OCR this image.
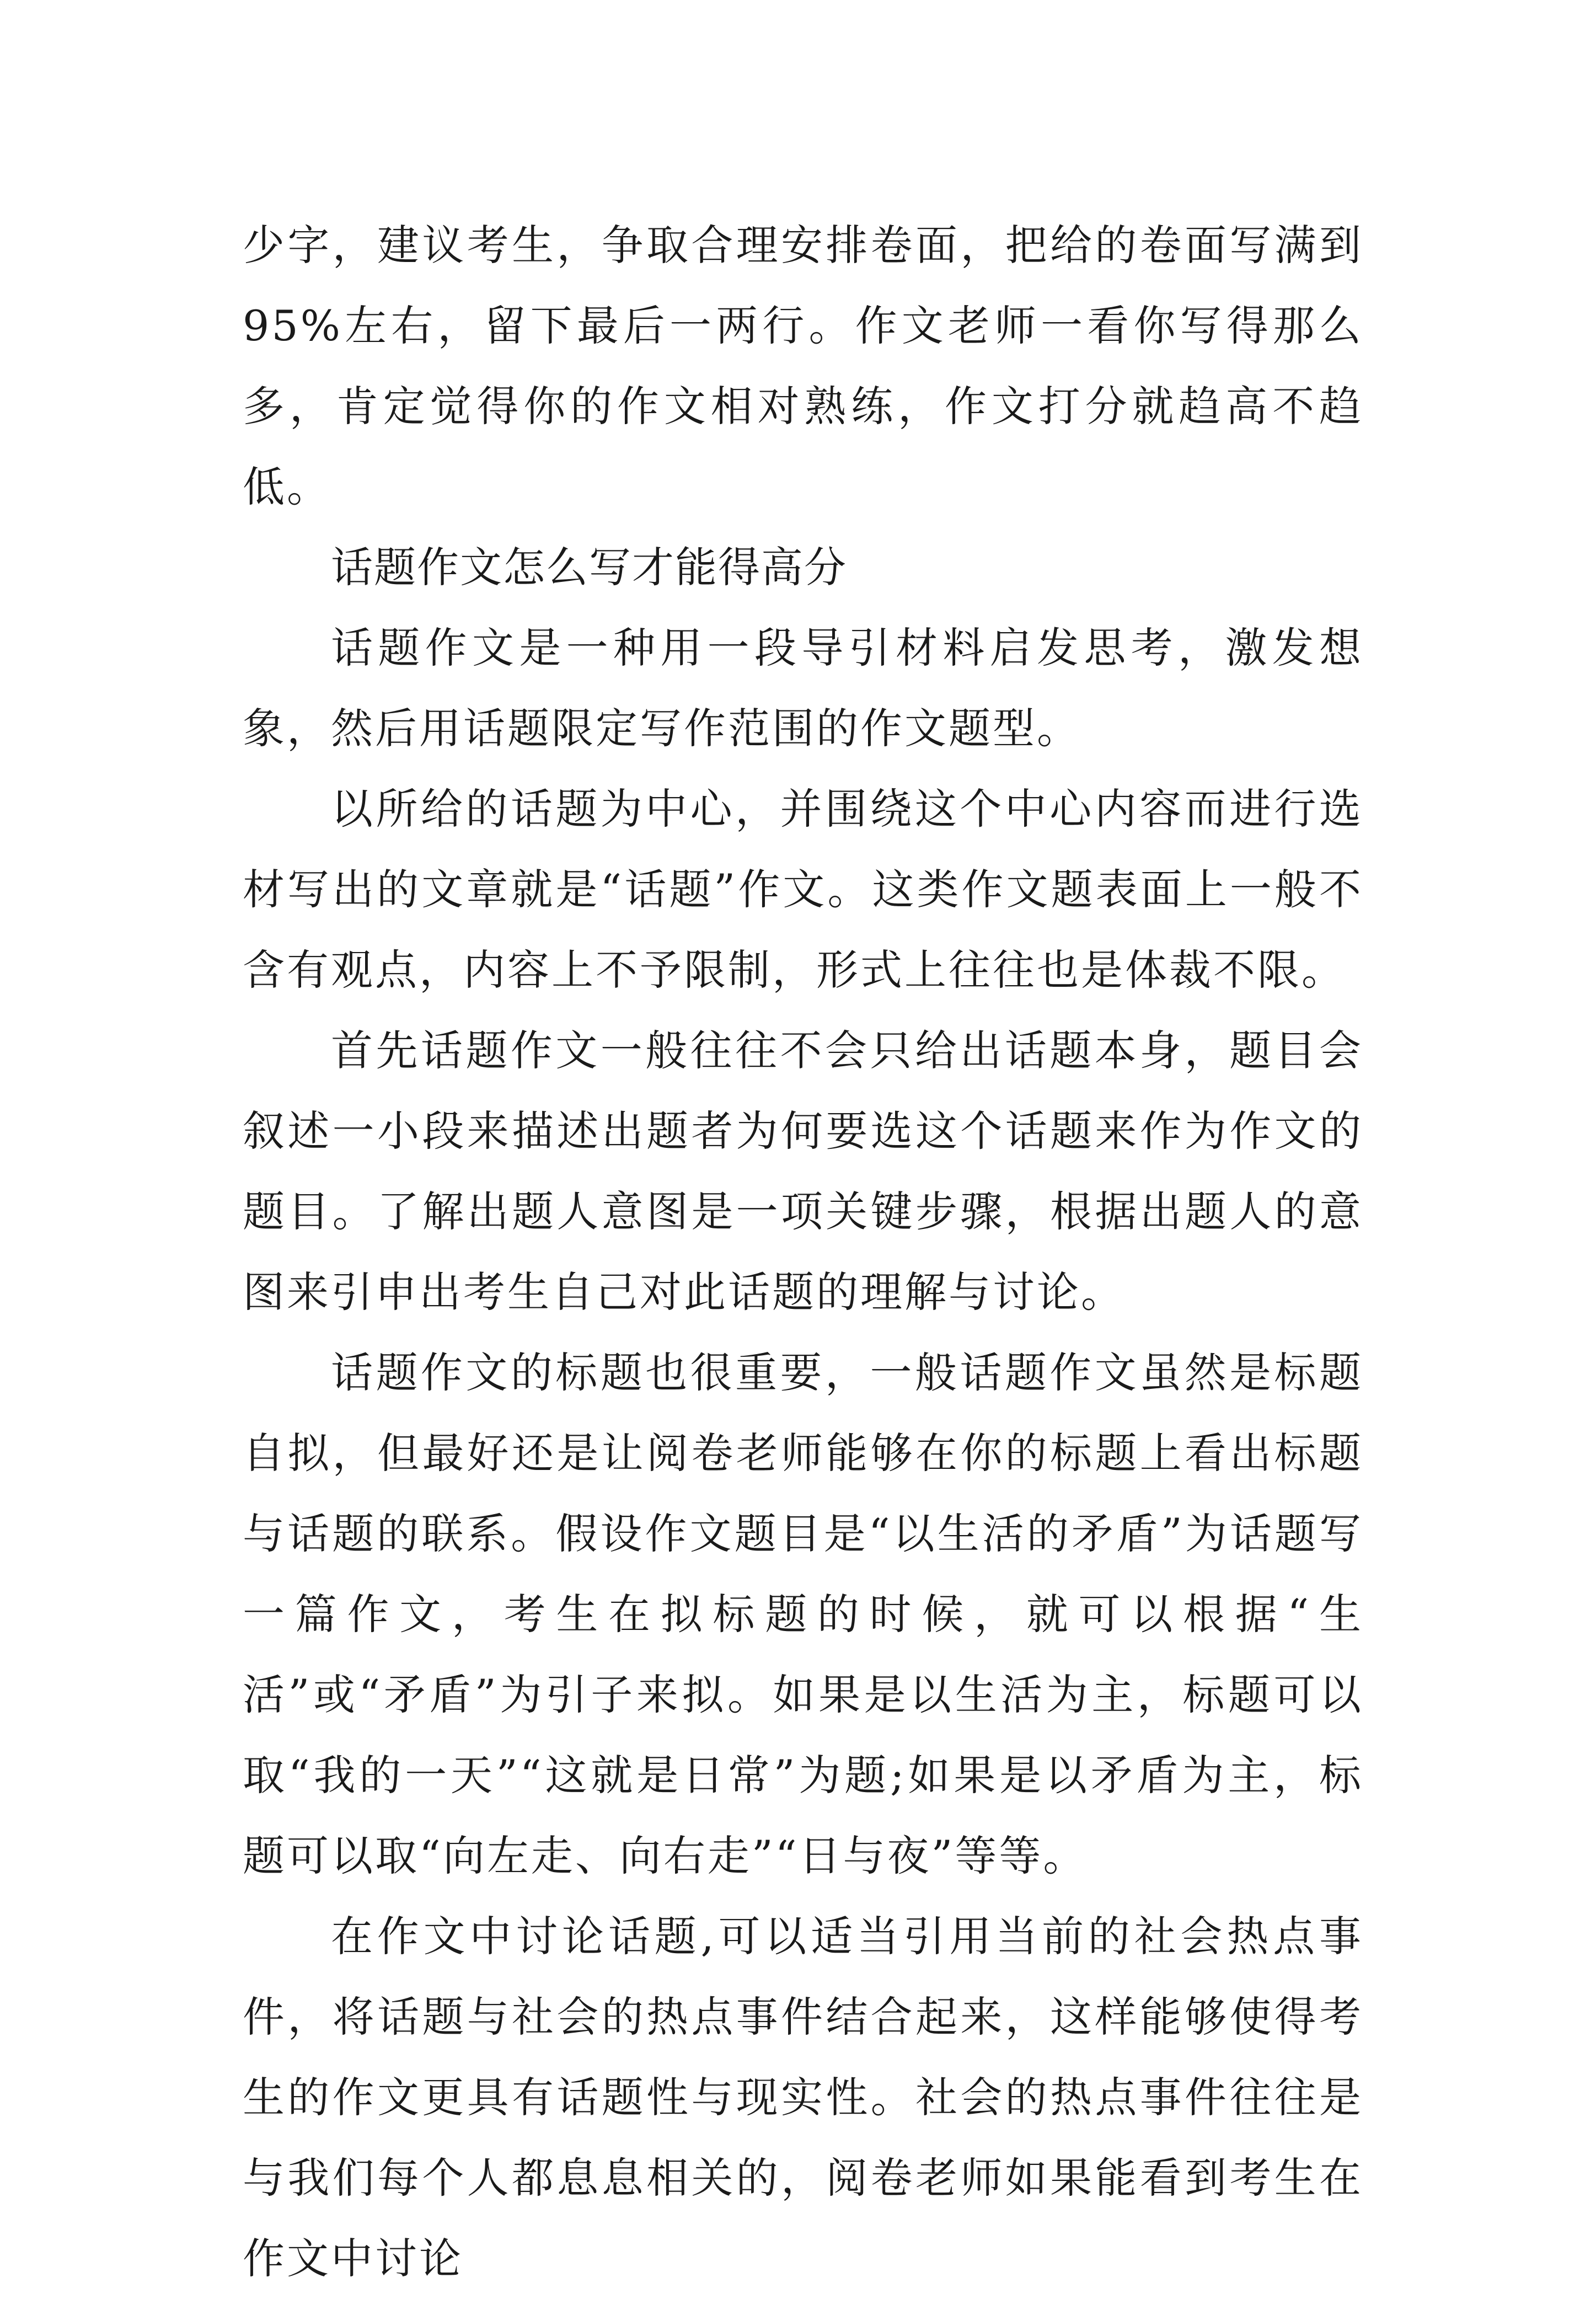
少字，建议考生，争取合理安排卷面，把给的卷面写满到95%左右，留下最后一两行。作文老师一看你写得那么多，肯定觉得你的作文相对熟练，作文打分就趋高不趋低。

话题作文怎么写才能得高分

话题作文是一种用一段导引材料启发思考，激发想象，然后用话题限定写作范围的作文题型。

以所给的话题为中心，并围绕这个中心内容而进行选材写出的文章就是“话题”作文。这类作文题表面上一般不含有观点，内容上不予限制，形式上往往也是体裁不限。

首先话题作文一般往往不会只给出话题本身，题目会叙述一小段来描述出题者为何要选这个话题来作为作文的题目。了解出题人意图是一项关键步骤，根据出题人的意图来引申出考生自己对此话题的理解与讨论。

话题作文的标题也很重要，一般话题作文虽然是标题自拟，但最好还是让阅卷老师能够在你的标题上看出标题与话题的联系。假设作文题目是“以生活的矛盾”为话题写一篇作文，考生在拟标题的时候，就可以根据“生活”或“矛盾”为引子来拟。如果是以生活为主，标题可以取“我的一天”“这就是日常”为题;如果是以矛盾为主，标题可以取“向左走、向右走”“日与夜”等等。

在作文中讨论话题,可以适当引用当前的社会热点事件，将话题与社会的热点事件结合起来，这样能够使得考生的作文更具有话题性与现实性。社会的热点事件往往是与我们每个人都息息相关的，阅卷老师如果能看到考生在作文中讨论
